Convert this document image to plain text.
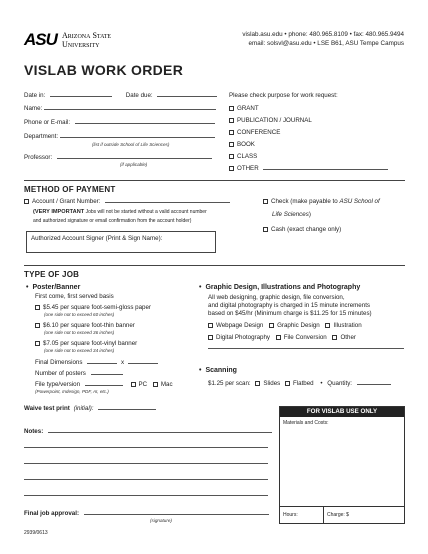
ASU Arizona State
University
vislab.asu.edu • phone: 480.965.8109 • fax: 480.965.9494
email: solsvl@asu.edu • LSE B61, ASU Tempe Campus
VISLAB WORK ORDER
Date in:	Date due:
Name:
Phone or E-mail:
Department:
(list if outside School of Life Sciences)
Professor:
(if applicable)
Please check purpose for work request:
GRANT
PUBLICATION / JOURNAL
CONFERENCE
BOOK
CLASS
OTHER
METHOD OF PAYMENT
Account / Grant Number:
(VERY IMPORTANT Jobs will not be started without a valid account number
and authorized signature or email confirmation from the account holder)
Authorized Account Signer (Print & Sign Name):
Check (make payable to ASU School of
Life Sciences)
Cash (exact change only)
TYPE OF JOB
• Poster/Banner
First come, first served basis
$5.45 per square foot-semi-gloss paper
(one side not to exceed 60 inches)
$6.10 per square foot-thin banner
(one side not to exceed 36 inches)
$7.05 per square foot-vinyl banner
(one side not to exceed 34 inches)
Final Dimensions	x
Number of posters
File type/version	PC Mac
(Powerpoint, Indesign, PDF, AI, etc.)
• Graphic Design, Illustrations and Photography
All web designing, graphic design, file conversion,
and digital photography is charged in 15 minute increments
based on $45/hr (Minimum charge is $11.25 for 15 minutes)
Webpage Design Graphic Design Illustration
Digital Photography File Conversion Other
• Scanning
$1.25 per scan: Slides Flatbed • Quantity:
Waive test print (initial):
Notes:
Final job approval:
(signature)
2939/0613
FOR VISLAB USE ONLY
Materials and Costs:
Hours:	Charge: $
